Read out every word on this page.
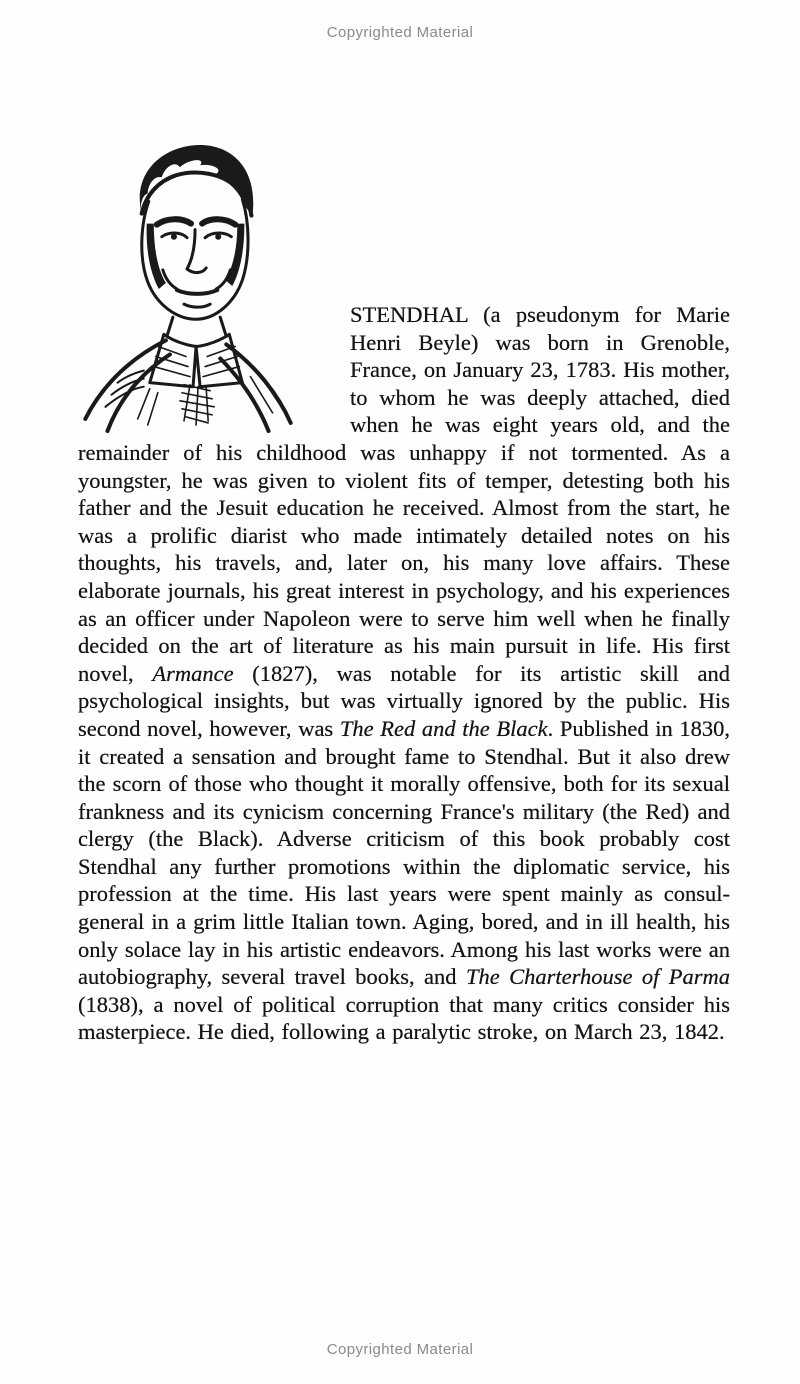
Copyrighted Material

STENDHAL (a pseudonym for Marie Henri Beyle) was born in Grenoble, France, on January 23, 1783. His mother, to whom he was deeply attached, died when he was eight years old, and the remainder of his childhood was unhappy if not tormented. As a youngster, he was given to violent fits of temper, detesting both his father and the Jesuit education he received. Almost from the start, he was a prolific diarist who made intimately detailed notes on his thoughts, his travels, and, later on, his many love affairs. These elaborate journals, his great interest in psychology, and his experiences as an officer under Napoleon were to serve him well when he finally decided on the art of literature as his main pursuit in life. His first novel, Armance (1827), was notable for its artistic skill and psychological insights, but was virtually ignored by the public. His second novel, however, was The Red and the Black. Published in 1830, it created a sensation and brought fame to Stendhal. But it also drew the scorn of those who thought it morally offensive, both for its sexual frankness and its cynicism concerning France's military (the Red) and clergy (the Black). Adverse criticism of this book probably cost Stendhal any further promotions within the diplomatic service, his profession at the time. His last years were spent mainly as consul-general in a grim little Italian town. Aging, bored, and in ill health, his only solace lay in his artistic endeavors. Among his last works were an autobiography, several travel books, and The Charterhouse of Parma (1838), a novel of political corruption that many critics consider his masterpiece. He died, following a paralytic stroke, on March 23, 1842.

Copyrighted Material
